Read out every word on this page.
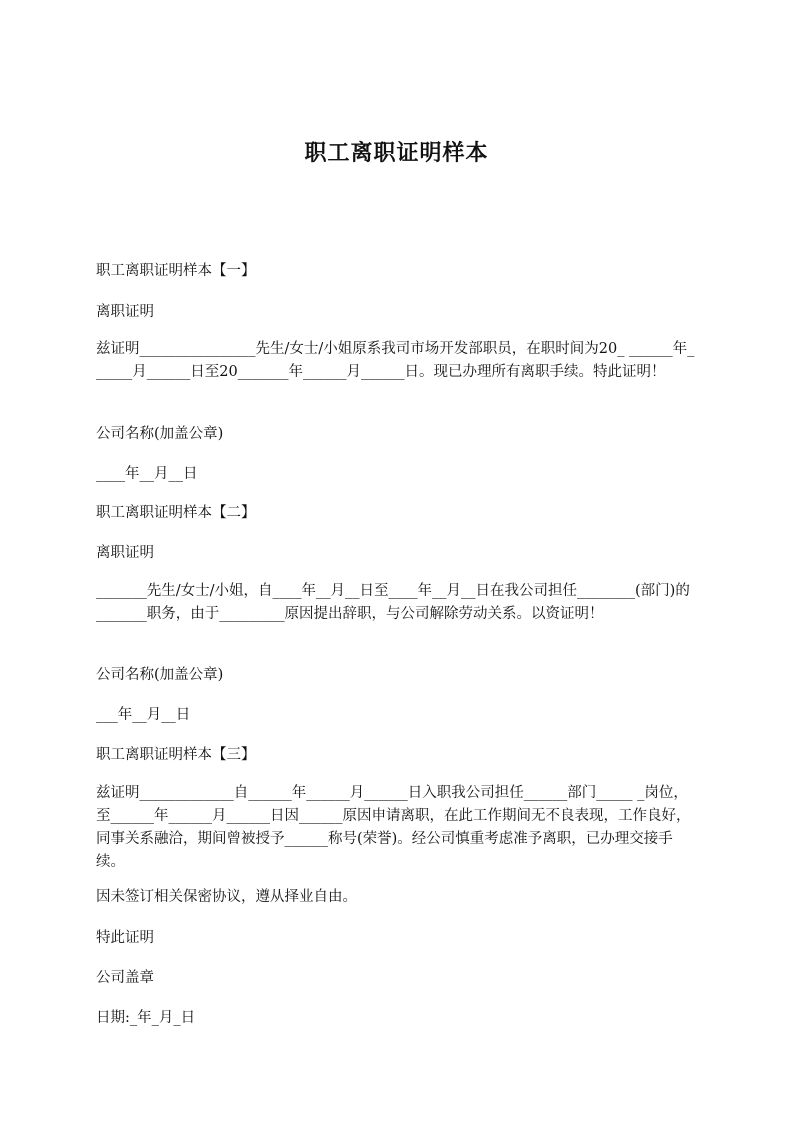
职工离职证明样本
职工离职证明样本【一】
离职证明
兹证明________________先生/女士/小姐原系我司市场开发部职员，在职时间为20_ ______年______月______日至20_______年______月______日。现已办理所有离职手续。特此证明！
公司名称(加盖公章)
____年__月__日
职工离职证明样本【二】
离职证明
_______先生/女士/小姐，自____年__月__日至____年__月__日在我公司担任________(部门)的_______职务，由于_________原因提出辞职，与公司解除劳动关系。以资证明！
公司名称(加盖公章)
___年__月__日
职工离职证明样本【三】
兹证明_____________自______年______月______日入职我公司担任______部门_____ _岗位，至______年______月______日因______原因申请离职，在此工作期间无不良表现，工作良好，同事关系融洽，期间曾被授予______称号(荣誉)。经公司慎重考虑准予离职，已办理交接手续。
因未签订相关保密协议，遵从择业自由。
特此证明
公司盖章
日期:_年_月_日
